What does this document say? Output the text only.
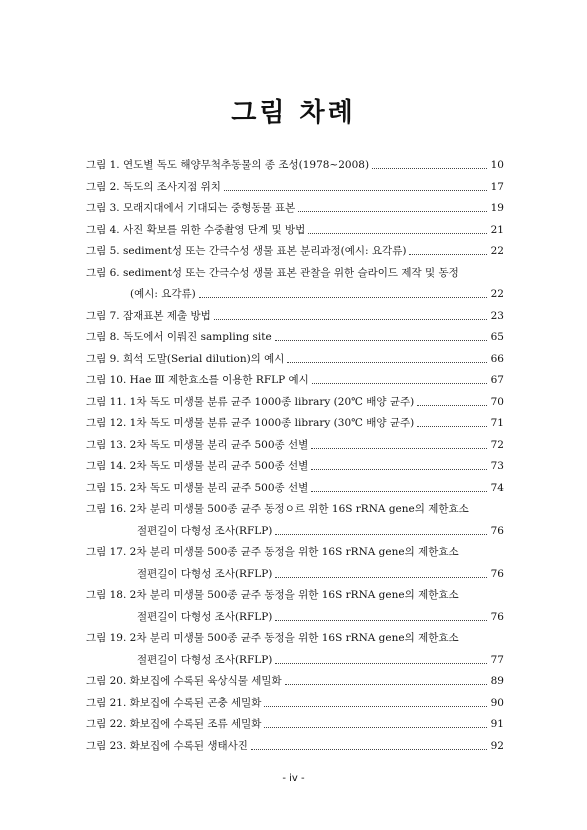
그림 차례
그림 1. 연도별 독도 해양무척추동물의 종 조성(1978~2008)	10
그림 2. 독도의 조사지점 위치	17
그림 3. 모래지대에서 기대되는 중형동물 표본	19
그림 4. 사진 확보를 위한 수중촬영 단계 및 방법	21
그림 5. sediment성 또는 간극수성 생물 표본 분리과정(예시: 요각류)	22
그림 6. sediment성 또는 간극수성 생물 표본 관찰을 위한 슬라이드 제작 및 동정
(예시: 요각류)	22
그림 7. 잠재표본 제출 방법	23
그림 8. 독도에서 이뤄진 sampling site	65
그림 9. 희석 도말(Serial dilution)의 예시	66
그림 10. Hae Ⅲ 제한효소를 이용한 RFLP 예시	67
그림 11. 1차 독도 미생물 분류 균주 1000종 library (20℃ 배양 균주)	70
그림 12. 1차 독도 미생물 분류 균주 1000종 library (30℃ 배양 균주)	71
그림 13. 2차 독도 미생물 분리 균주 500종 선별	72
그림 14. 2차 독도 미생물 분리 균주 500종 선별	73
그림 15. 2차 독도 미생물 분리 균주 500종 선별	74
그림 16. 2차 분리 미생물 500종 균주 동정ㅇ르 위한 16S rRNA gene의 제한효소
절편길이 다형성 조사(RFLP)	76
그림 17. 2차 분리 미생물 500종 균주 동정을 위한 16S rRNA gene의 제한효소
절편길이 다형성 조사(RFLP)	76
그림 18. 2차 분리 미생물 500종 균주 동정을 위한 16S rRNA gene의 제한효소
절편길이 다형성 조사(RFLP)	76
그림 19. 2차 분리 미생물 500종 균주 동정을 위한 16S rRNA gene의 제한효소
절편길이 다형성 조사(RFLP)	77
그림 20. 화보집에 수록된 육상식물 세밀화	89
그림 21. 화보집에 수록된 곤충 세밀화	90
그림 22. 화보집에 수록된 조류 세밀화	91
그림 23. 화보집에 수록된 생태사진	92
- iv -
